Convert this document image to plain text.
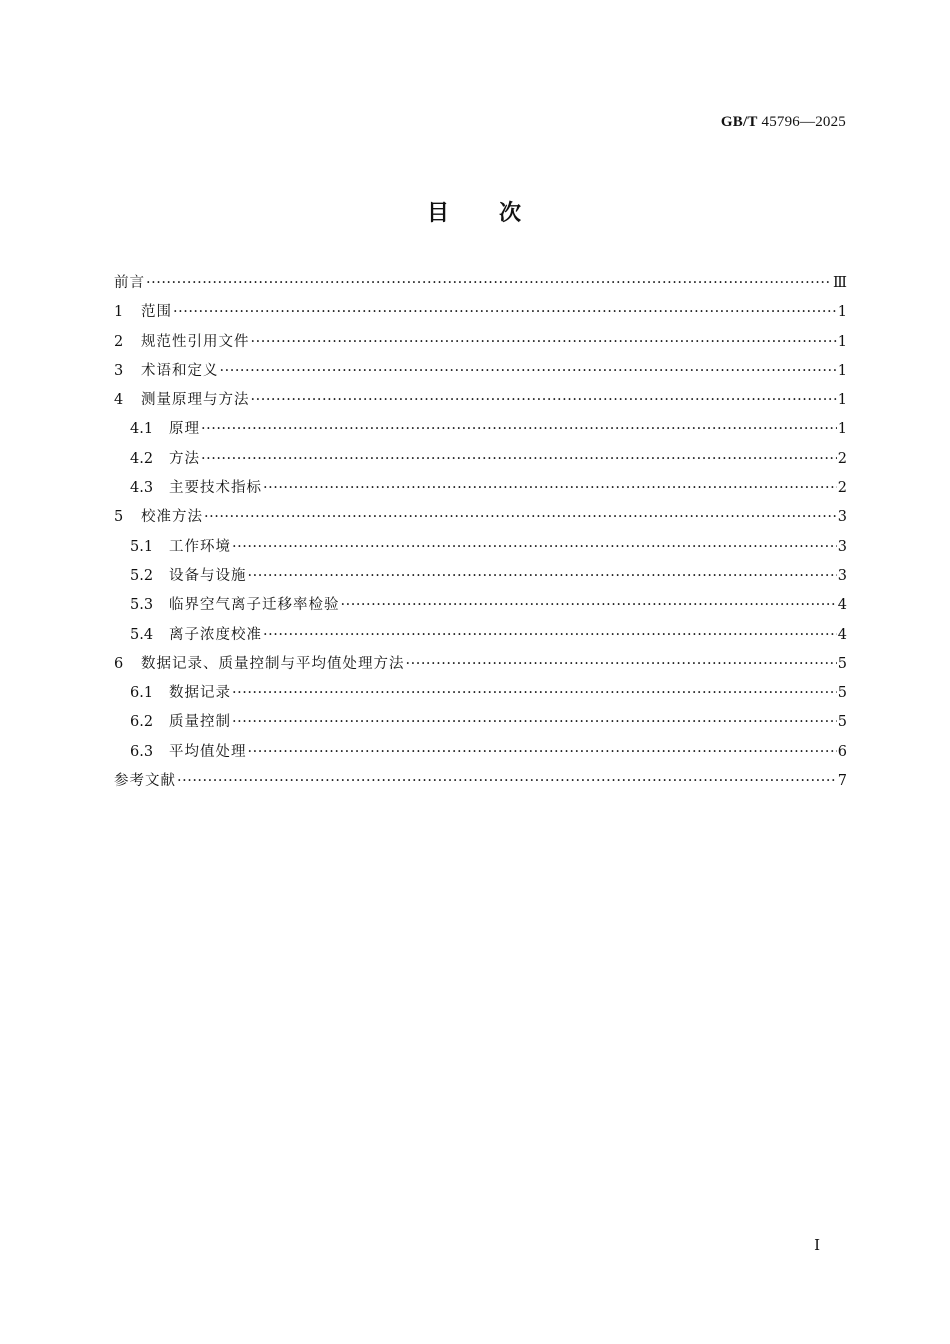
GB/T 45796—2025
目 次
前言 ·····	Ⅲ
1	范围 ·····	1
2	规范性引用文件 ·····	1
3	术语和定义 ·····	1
4	测量原理与方法 ·····	1
4.1	原理 ·····	1
4.2	方法 ·····	2
4.3	主要技术指标 ·····	2
5	校准方法 ·····	3
5.1	工作环境 ·····	3
5.2	设备与设施 ·····	3
5.3	临界空气离子迁移率检验 ·····	4
5.4	离子浓度校准 ·····	4
6	数据记录、质量控制与平均值处理方法 ·····	5
6.1	数据记录 ·····	5
6.2	质量控制 ·····	5
6.3	平均值处理 ·····	6
参考文献 ·····	7
Ⅰ
